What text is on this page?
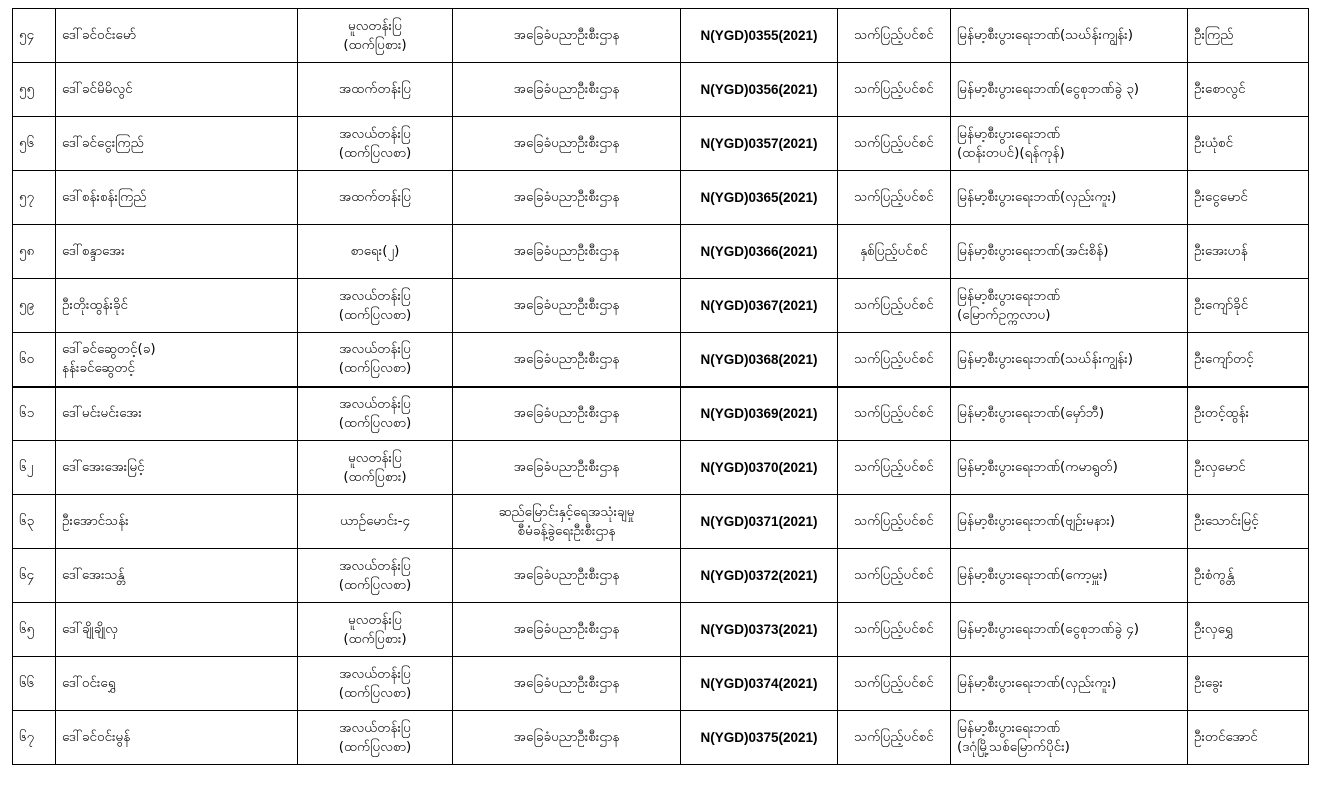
၅၄	ဒေါ်ခင်ဝင်းမော်	မူလတန်းပြ
(ထက်ပြစား)	အခြေခံပညာဦးစီးဌာန	N(YGD)0355(2021)	သက်ပြည့်ပင်စင်	မြန်မာ့စီးပွားရေးဘဏ်(သဃ်န်းကျွန်း)	ဦးကြည်
၅၅	ဒေါ်ခင်မိမိလွင်	အထက်တန်းပြ	အခြေခံပညာဦးစီးဌာန	N(YGD)0356(2021)	သက်ပြည့်ပင်စင်	မြန်မာ့စီးပွားရေးဘဏ်(ငွေစုဘဏ်ခွဲ ၃)	ဦးစောလွင်
၅၆	ဒေါ်ခင်ငွေးကြည်	အလယ်တန်းပြ
(ထက်ပြလစာ)	အခြေခံပညာဦးစီးဌာန	N(YGD)0357(2021)	သက်ပြည့်ပင်စင်	မြန်မာ့စီးပွားရေးဘဏ်
(ထန်းတပင်)(ရန်ကုန်)	ဦးယုံစင်
၅၇	ဒေါ်စန်းစန်းကြည်	အထက်တန်းပြ	အခြေခံပညာဦးစီးဌာန	N(YGD)0365(2021)	သက်ပြည့်ပင်စင်	မြန်မာ့စီးပွားရေးဘဏ်(လှည်းကူး)	ဦးငွေမောင်
၅၈	ဒေါ်စန္ဒာအေး	စာရေး(၂)	အခြေခံပညာဦးစီးဌာန	N(YGD)0366(2021)	နှစ်ပြည့်ပင်စင်	မြန်မာ့စီးပွားရေးဘဏ်(အင်းစိန်)	ဦးအေးဟန်
၅၉	ဦးတိုးထွန်းခိုင်	အလယ်တန်းပြ
(ထက်ပြလစာ)	အခြေခံပညာဦးစီးဌာန	N(YGD)0367(2021)	သက်ပြည့်ပင်စင်	မြန်မာ့စီးပွားရေးဘဏ်
(မြောက်ဥက္ကလာပ)	ဦးကျော်ခိုင်
၆၀	ဒေါ်ခင်ဆွေတင့်(ခ)
နန်းခင်ဆွေတင့်	အလယ်တန်းပြ
(ထက်ပြလစာ)	အခြေခံပညာဦးစီးဌာန	N(YGD)0368(2021)	သက်ပြည့်ပင်စင်	မြန်မာ့စီးပွားရေးဘဏ်(သဃ်န်းကျွန်း)	ဦးကျော်တင့်
၆၁	ဒေါ်မင်းမင်းအေး	အလယ်တန်းပြ
(ထက်ပြလစာ)	အခြေခံပညာဦးစီးဌာန	N(YGD)0369(2021)	သက်ပြည့်ပင်စင်	မြန်မာ့စီးပွားရေးဘဏ်(မှော်ဘီ)	ဦးတင့်ထွန်း
၆၂	ဒေါ်အေးအေးမြင့်	မူလတန်းပြ
(ထက်ပြစား)	အခြေခံပညာဦးစီးဌာန	N(YGD)0370(2021)	သက်ပြည့်ပင်စင်	မြန်မာ့စီးပွားရေးဘဏ်(ကမာရွတ်)	ဦးလှမောင်
၆၃	ဦးအောင်သန်း	ယာဉ်မောင်း-၄	ဆည်မြောင်းနှင့်ရေအသုံးချမှု
စီမံခန့်ခွဲရေးဦးစီးဌာန	N(YGD)0371(2021)	သက်ပြည့်ပင်စင်	မြန်မာ့စီးပွားရေးဘဏ်(ဗျဉ်းမနား)	ဦးသောင်းမြင့်
၆၄	ဒေါ်အေးသန္တ်	အလယ်တန်းပြ
(ထက်ပြလစာ)	အခြေခံပညာဦးစီးဌာန	N(YGD)0372(2021)	သက်ပြည့်ပင်စင်	မြန်မာ့စီးပွားရေးဘဏ်(ကော့မှူး)	ဦးစံကွန္တ်
၆၅	ဒေါ်ချိုချိုလှ	မူလတန်းပြ
(ထက်ပြစား)	အခြေခံပညာဦးစီးဌာန	N(YGD)0373(2021)	သက်ပြည့်ပင်စင်	မြန်မာ့စီးပွားရေးဘဏ်(ငွေစုဘဏ်ခွဲ ၄)	ဦးလှရွှေ
၆၆	ဒေါ်ဝင်းရွှေ	အလယ်တန်းပြ
(ထက်ပြလစာ)	အခြေခံပညာဦးစီးဌာန	N(YGD)0374(2021)	သက်ပြည့်ပင်စင်	မြန်မာ့စီးပွားရေးဘဏ်(လှည်းကူး)	ဦးခွေး
၆၇	ဒေါ်ခင်ဝင်းမွန်	အလယ်တန်းပြ
(ထက်ပြလစာ)	အခြေခံပညာဦးစီးဌာန	N(YGD)0375(2021)	သက်ပြည့်ပင်စင်	မြန်မာ့စီးပွားရေးဘဏ်
(ဒဂုံမြို့သစ်မြောက်ပိုင်း)	ဦးတင်အောင်
